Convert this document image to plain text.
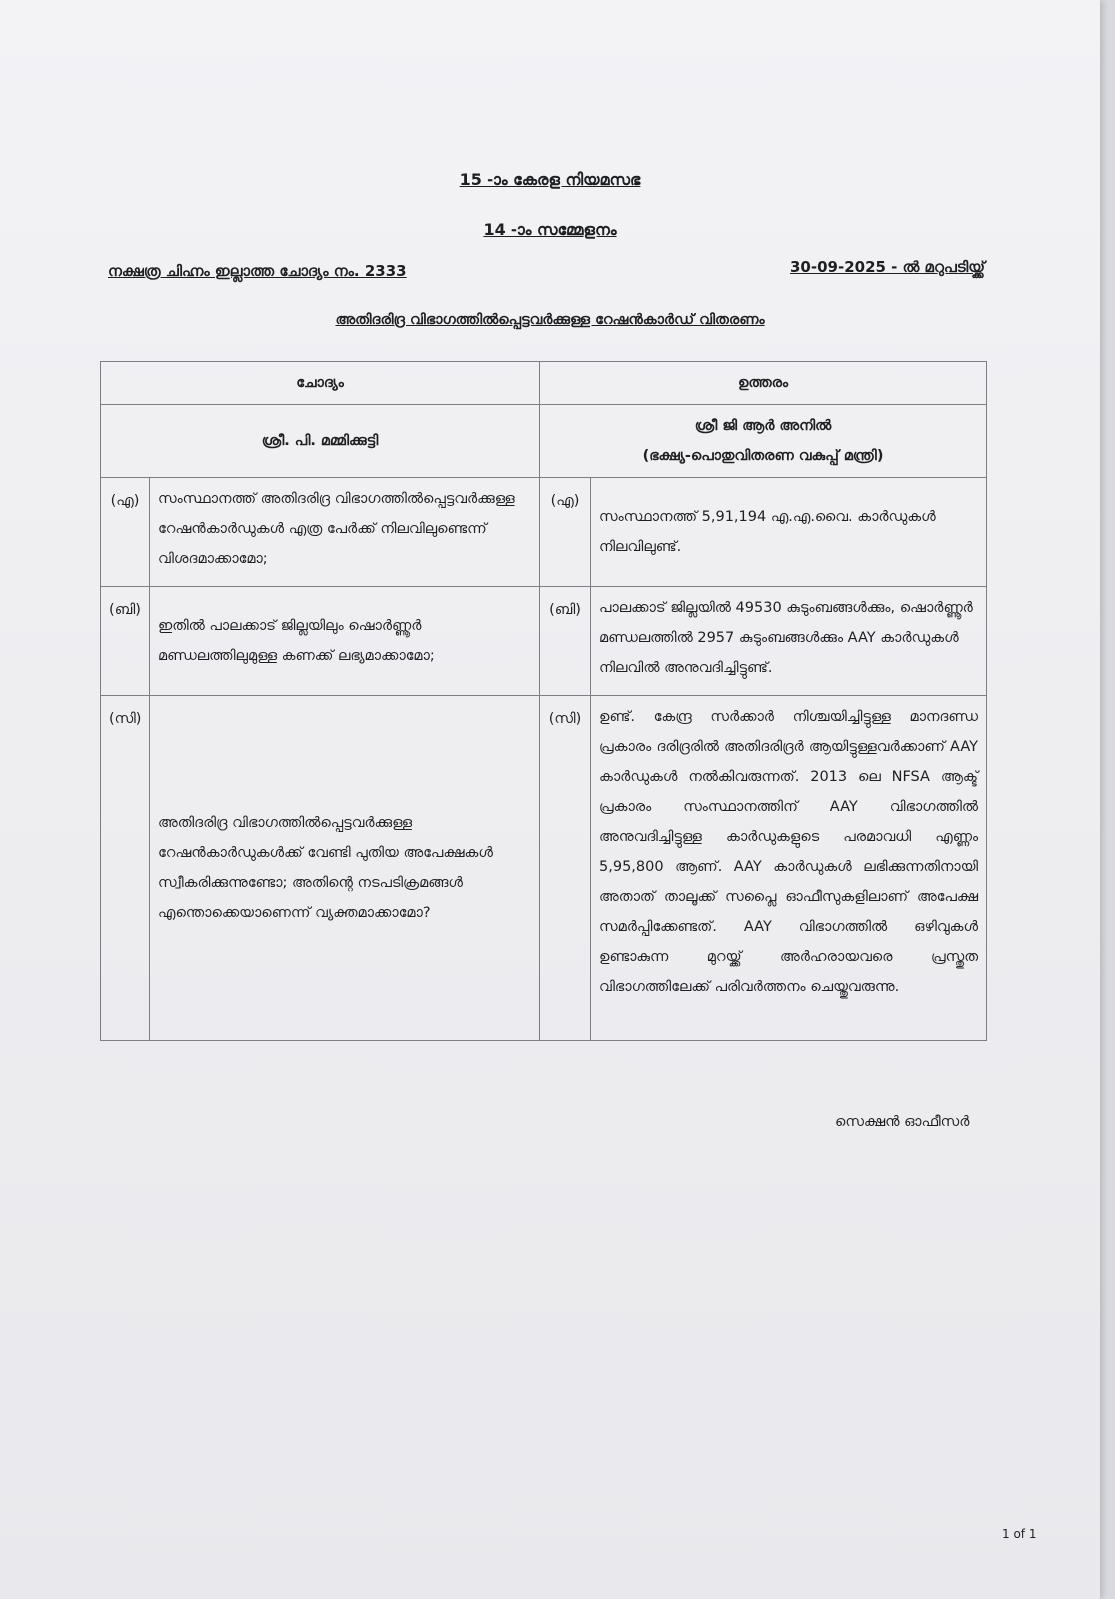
15 -ാം കേരള നിയമസഭ
14 -ാം സമ്മേളനം
നക്ഷത്ര ചിഹ്നം ഇല്ലാത്ത ചോദ്യം നം. 2333	30-09-2025 - ൽ മറുപടിയ്ക്ക്
അതിദരിദ്ര വിഭാഗത്തിൽപ്പെട്ടവർക്കുള്ള റേഷൻകാർഡ് വിതരണം
ചോദ്യം		ഉത്തരം	
ശ്രീ. പി. മമ്മിക്കുട്ടി		ശ്രീ ജി ആർ അനിൽ
(ഭക്ഷ്യ-പൊതുവിതരണ വകുപ്പ് മന്ത്രി)	

(എ)	സംസ്ഥാനത്ത് അതിദരിദ്ര വിഭാഗത്തിൽപ്പെട്ടവർക്കുള്ള റേഷൻകാർഡുകൾ എത്ര പേർക്ക് നിലവിലുണ്ടെന്ന് വിശദമാക്കാമോ;	(എ)	സംസ്ഥാനത്ത് 5,91,194 എ.എ.വൈ. കാർഡുകൾ നിലവിലുണ്ട്.
(ബി)	ഇതിൽ പാലക്കാട് ജില്ലയിലും ഷൊർണ്ണൂർ മണ്ഡലത്തിലുമുള്ള കണക്ക് ലഭ്യമാക്കാമോ;	(ബി)	പാലക്കാട് ജില്ലയിൽ 49530 കുടുംബങ്ങൾക്കും, ഷൊർണ്ണൂർ മണ്ഡലത്തിൽ 2957 കുടുംബങ്ങൾക്കും AAY കാർഡുകൾ നിലവിൽ അനുവദിച്ചിട്ടുണ്ട്.
(സി)	അതിദരിദ്ര വിഭാഗത്തിൽപ്പെട്ടവർക്കുള്ള റേഷൻകാർഡുകൾക്ക് വേണ്ടി പുതിയ അപേക്ഷകൾ സ്വീകരിക്കുന്നുണ്ടോ; അതിന്റെ നടപടിക്രമങ്ങൾ എന്തൊക്കെയാണെന്ന് വ്യക്തമാക്കാമോ?	(സി)	ഉണ്ട്. കേന്ദ്ര സർക്കാർ നിശ്ചയിച്ചിട്ടുള്ള മാനദണ്ഡ പ്രകാരം ദരിദ്രരിൽ അതിദരിദ്രർ ആയിട്ടുള്ളവർക്കാണ് AAY കാർഡുകൾ നൽകിവരുന്നത്. 2013 ലെ NFSA ആക്ട് പ്രകാരം സംസ്ഥാനത്തിന് AAY വിഭാഗത്തിൽ അനുവദിച്ചിട്ടുള്ള കാർഡുകളുടെ പരമാവധി എണ്ണം 5,95,800 ആണ്. AAY കാർഡുകൾ ലഭിക്കുന്നതിനായി അതാത് താലൂക്ക് സപ്ലൈ ഓഫീസുകളിലാണ് അപേക്ഷ സമർപ്പിക്കേണ്ടത്. AAY വിഭാഗത്തിൽ ഒഴിവുകൾ ഉണ്ടാകുന്ന മുറയ്ക്ക് അർഹരായവരെ പ്രസ്തുത വിഭാഗത്തിലേക്ക് പരിവർത്തനം ചെയ്തുവരുന്നു.
സെക്ഷൻ ഓഫീസർ
1 of 1
